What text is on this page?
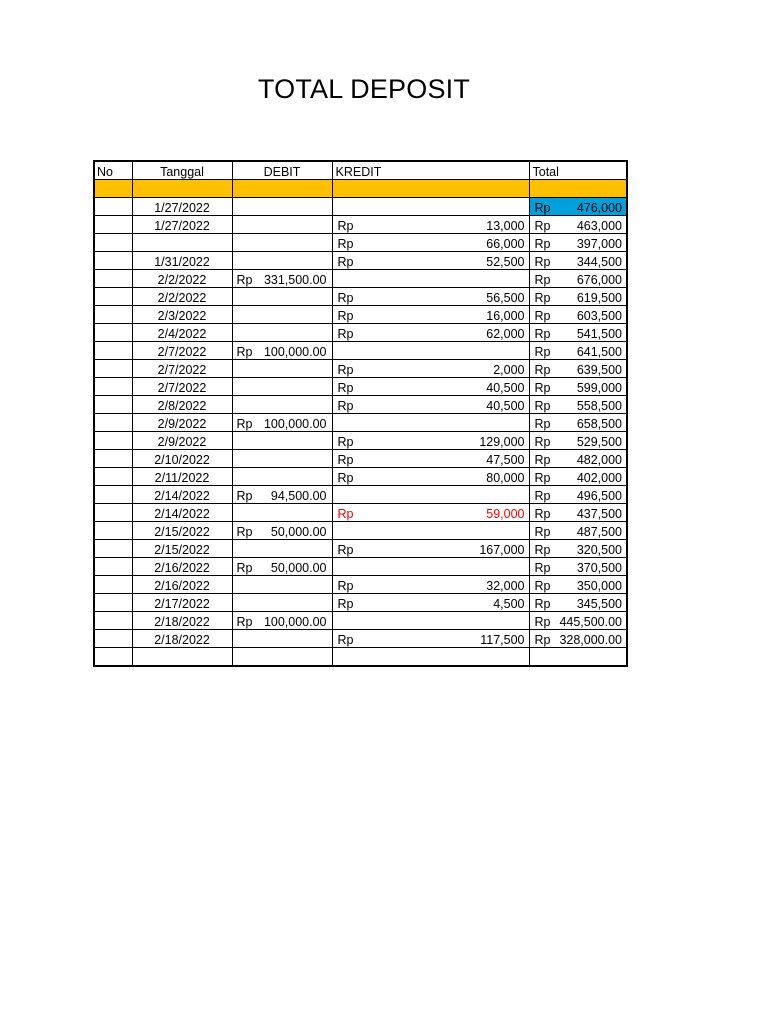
TOTAL DEPOSIT
No	Tanggal	DEBIT	KREDIT	Total

	1/27/2022			Rp 476,000

	1/27/2022		Rp 13,000	Rp 463,000

			Rp 66,000	Rp 397,000

	1/31/2022		Rp 52,500	Rp 344,500

	2/2/2022	Rp 331,500.00		Rp 676,000

	2/2/2022		Rp 56,500	Rp 619,500

	2/3/2022		Rp 16,000	Rp 603,500

	2/4/2022		Rp 62,000	Rp 541,500

	2/7/2022	Rp 100,000.00		Rp 641,500

	2/7/2022		Rp 2,000	Rp 639,500

	2/7/2022		Rp 40,500	Rp 599,000

	2/8/2022		Rp 40,500	Rp 558,500

	2/9/2022	Rp 100,000.00		Rp 658,500

	2/9/2022		Rp 129,000	Rp 529,500

	2/10/2022		Rp 47,500	Rp 482,000

	2/11/2022		Rp 80,000	Rp 402,000

	2/14/2022	Rp 94,500.00		Rp 496,500

	2/14/2022		Rp 59,000	Rp 437,500

	2/15/2022	Rp 50,000.00		Rp 487,500

	2/15/2022		Rp 167,000	Rp 320,500

	2/16/2022	Rp 50,000.00		Rp 370,500

	2/16/2022		Rp 32,000	Rp 350,000

	2/17/2022		Rp 4,500	Rp 345,500

	2/18/2022	Rp 100,000.00		Rp 445,500.00

	2/18/2022		Rp 117,500	Rp 328,000.00
